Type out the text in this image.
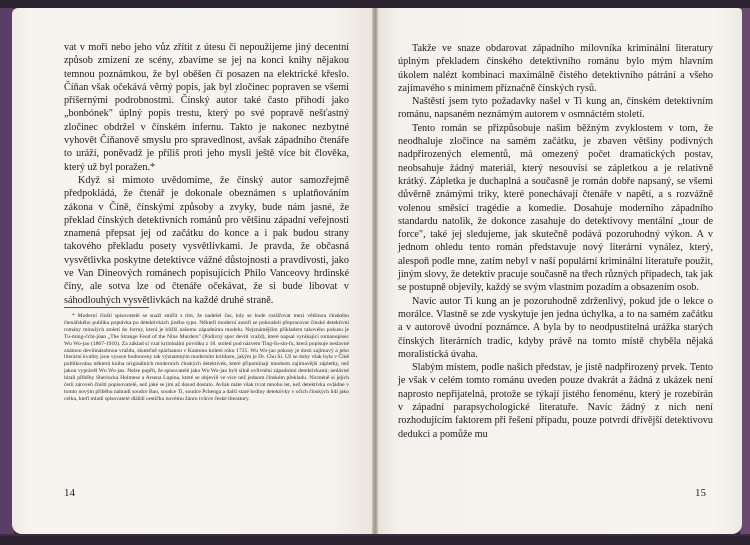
vat v moři nebo jeho vůz zřítit z útesu či nepoužijeme jiný decentní způsob zmizení ze scény, zbavíme se jej na konci knihy nějakou temnou poznámkou, že byl oběšen či posazen na elektrické křeslo. Číňan však očekává věrný popis, jak byl zločinec popraven se všemi příšernými podrobnostmi. Čínský autor také často přihodí jako „bonbónek" úplný popis trestu, který po své popravě nešťastný zločinec obdržel v čínském infernu. Takto je nakonec nezbytné vyhovět Číňanově smyslu pro spravedlnost, avšak západního čtenáře to uráží, poněvadž je příliš proti jeho mysli ještě více bít člověka, který už byl poražen.*

Když si mimoto uvědomíme, že čínský autor samozřejmě předpokládá, že čtenář je dokonale obeznámen s uplatňováním zákona v Číně, čínskými způsoby a zvyky, bude nám jasné, že překlad čínských detektivních románů pro většinu západní veřejnosti znamená přepsat jej od začátku do konce a i pak budou strany takového překladu posety vysvětlivkami. Je pravda, že občasná vysvětlivka poskytne detektivce vážné důstojnosti a pravdivosti, jako ve Van Dineových románech popisujících Philo Vanceovy hrdinské činy, ale sotva lze od čtenáře očekávat, že si bude libovat v sáhodlouhých vysvětlivkách na každé druhé straně.

* Moderní čínští spisovatelé se snaží smířit s tím, že nadešel čas, kdy se bude rozšiřovat mezi většinou čínského čtenářského publika poptávka po detektivkách jiného typu. Někteří moderní autoři se pokoušeli přepracovat čínské detektivní romány minulých století do formy, která je bližší našemu západnímu modelu. Nejznámějším příkladem takového pokusu je Tu-ming-čchi-jüan „The Strange Feud of the Nine Murders" (Podivný spor devíti vražd), které napsal vynikající romanopisec Wu Wo-jao (1867-1910). Za základ si vzal kriminální povídku z 18. století pod názvem Ting-fu-sin-fu, která popisuje neslavné známou devítinásobnou vraždu, skutečně spáchanou v Kantonu kolem roku 1725. Wu Wo-jao pokusy je dosti zajímavý a jeho literární kvality jsou vysoce hodnoceny tak významným moderním kritikem, jakým je Dr. Chu Si. Už se doby však byla v Číně publikována některá kniha originálních moderních čínských detektivek, které připomínají mnohem zajímavější zápletky, než jakou vyprávěl Wu Wo-jao. Nelze popřít, že spisovatelé jako Wu Wo-jao byli silně ovlivněni západními detektivkami; nedávné hitali příběhy Sherlocka Holmese a Arsena Lupina, které se objevili ve více než jednom čínském překladu. Nicméně si jejich četli zároveň čínští popisovatelé, než jaké se jim až dosud dostalo. Avšak máte však tvrat mnoho let, než detektivka ovládne v tomto novým příběhu nahradí soudce Bao, soudce Ti, soudce Pchenga a další staré hrdiny detektivky v očích čínských lidí jako celku, kteří mladí spisovatelé dláždí cestičku novému žánru tvůrce české literatury.

14

Takže ve snaze obdarovat západního milovníka kriminální literatury úplným překladem čínského detektivního románu bylo mým hlavním úkolem nalézt kombinaci maximálně čistého detektivního pátrání a všeho zajímavého s minimem příznačně čínských rysů.

Naštěstí jsem tyto požadavky našel v Ti kung an, čínském detektivním románu, napsaném neznámým autorem v osmnáctém století.

Tento román se přizpůsobuje našim běžným zvyklostem v tom, že neodhaluje zločince na samém začátku, je zbaven většiny podivných nadpřirozených elementů, má omezený počet dramatických postav, neobsahuje žádný materiál, který nesouvisí se zápletkou a je relativně krátký. Zápletka je duchaplná a současně je román dobře napsaný, se všemi důvěrně známými triky, které ponechávají čtenáře v napětí, a s rozvážně volenou směsicí tragédie a komedie. Dosahuje moderního západního standardu natolik, že dokonce zasahuje do detektivovy mentální „tour de force", také jej sledujeme, jak skutečně podává pozoruhodný výkon. A v jednom ohledu tento román představuje nový literární vynález, který, alespoň podle mne, zatím nebyl v naší populární kriminální literatuře použit, jiným slovy, že detektiv pracuje současně na třech různých případech, tak jak se postupně objevily, každý se svým vlastním pozadím a obsazením osob.

Navíc autor Ti kung an je pozoruhodně zdrženlivý, pokud jde o lekce o morálce. Vlastně se zde vyskytuje jen jedna úchylka, a to na samém začátku a v autorově úvodní poznámce. A byla by to neodpustitelná urážka starých čínských literárních tradic, kdyby právě na tomto místě chyběla nějaká moralistická úvaha.

Slabým místem, podle našich představ, je jistě nadpřirozený prvek. Tento je však v celém tomto románu uveden pouze dvakrát a žádná z ukázek není naprosto nepřijatelná, protože se týkají jistého fenoménu, který je rozebírán v západní parapsychologické literatuře. Navíc žádný z nich není rozhodujícím faktorem při řešení případu, pouze potvrdí dřívější detektivovu dedukci a pomůže mu

15
